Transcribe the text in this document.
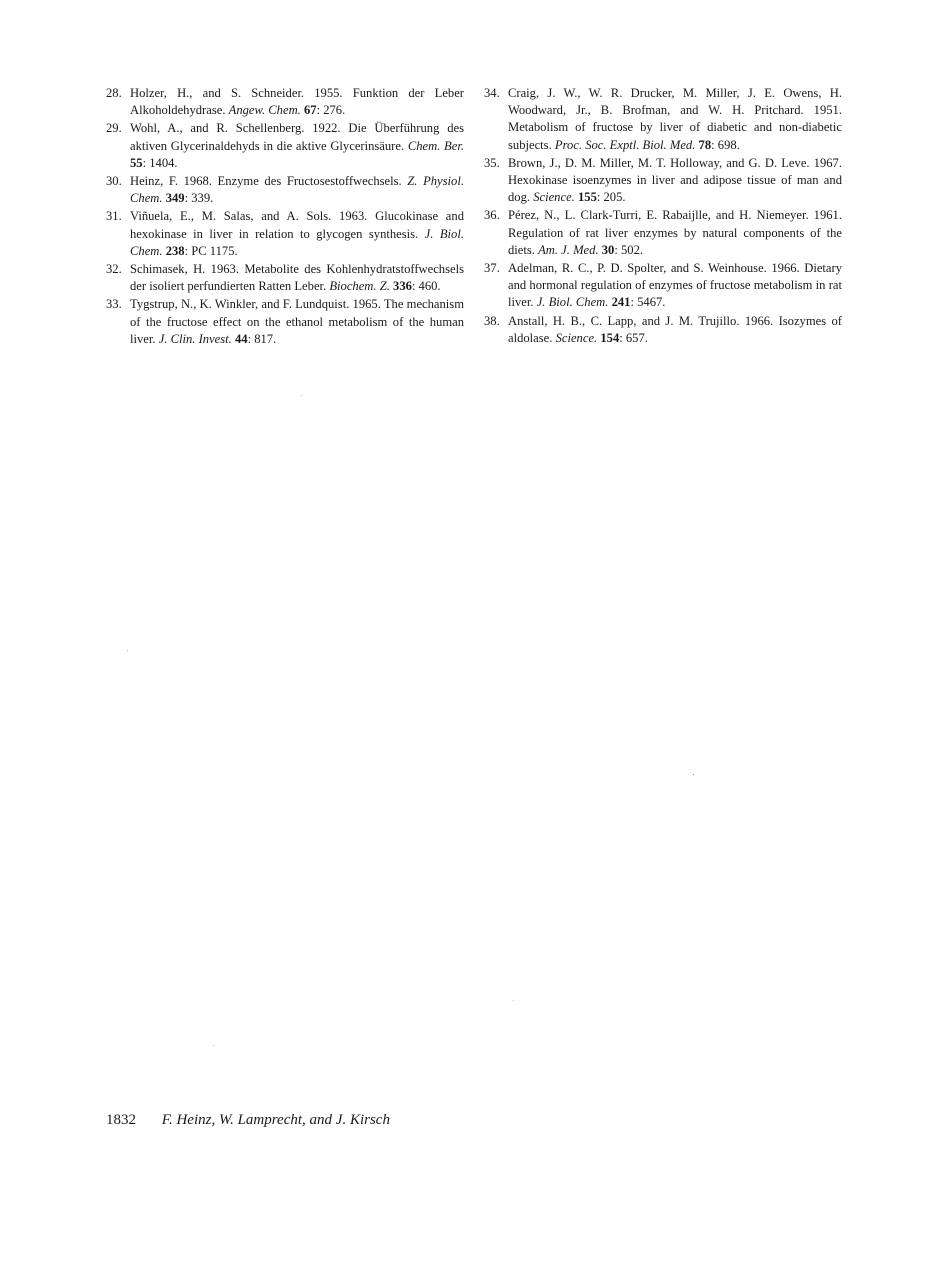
28. Holzer, H., and S. Schneider. 1955. Funktion der Leber Alkoholdehydrase. Angew. Chem. 67: 276.
29. Wohl, A., and R. Schellenberg. 1922. Die Überführung des aktiven Glycerinaldehyds in die aktive Glycerinsäure. Chem. Ber. 55: 1404.
30. Heinz, F. 1968. Enzyme des Fructosestoffwechsels. Z. Physiol. Chem. 349: 339.
31. Viñuela, E., M. Salas, and A. Sols. 1963. Glucokinase and hexokinase in liver in relation to glycogen synthesis. J. Biol. Chem. 238: PC 1175.
32. Schimasek, H. 1963. Metabolite des Kohlenhydratstoffwechsels der isoliert perfundierten Ratten Leber. Biochem. Z. 336: 460.
33. Tygstrup, N., K. Winkler, and F. Lundquist. 1965. The mechanism of the fructose effect on the ethanol metabolism of the human liver. J. Clin. Invest. 44: 817.
34. Craig, J. W., W. R. Drucker, M. Miller, J. E. Owens, H. Woodward, Jr., B. Brofman, and W. H. Pritchard. 1951. Metabolism of fructose by liver of diabetic and non-diabetic subjects. Proc. Soc. Exptl. Biol. Med. 78: 698.
35. Brown, J., D. M. Miller, M. T. Holloway, and G. D. Leve. 1967. Hexokinase isoenzymes in liver and adipose tissue of man and dog. Science. 155: 205.
36. Pérez, N., L. Clark-Turri, E. Rabaijlle, and H. Niemeyer. 1961. Regulation of rat liver enzymes by natural components of the diets. Am. J. Med. 30: 502.
37. Adelman, R. C., P. D. Spolter, and S. Weinhouse. 1966. Dietary and hormonal regulation of enzymes of fructose metabolism in rat liver. J. Biol. Chem. 241: 5467.
38. Anstall, H. B., C. Lapp, and J. M. Trujillo. 1966. Isozymes of aldolase. Science. 154: 657.
1832 F. Heinz, W. Lamprecht, and J. Kirsch
